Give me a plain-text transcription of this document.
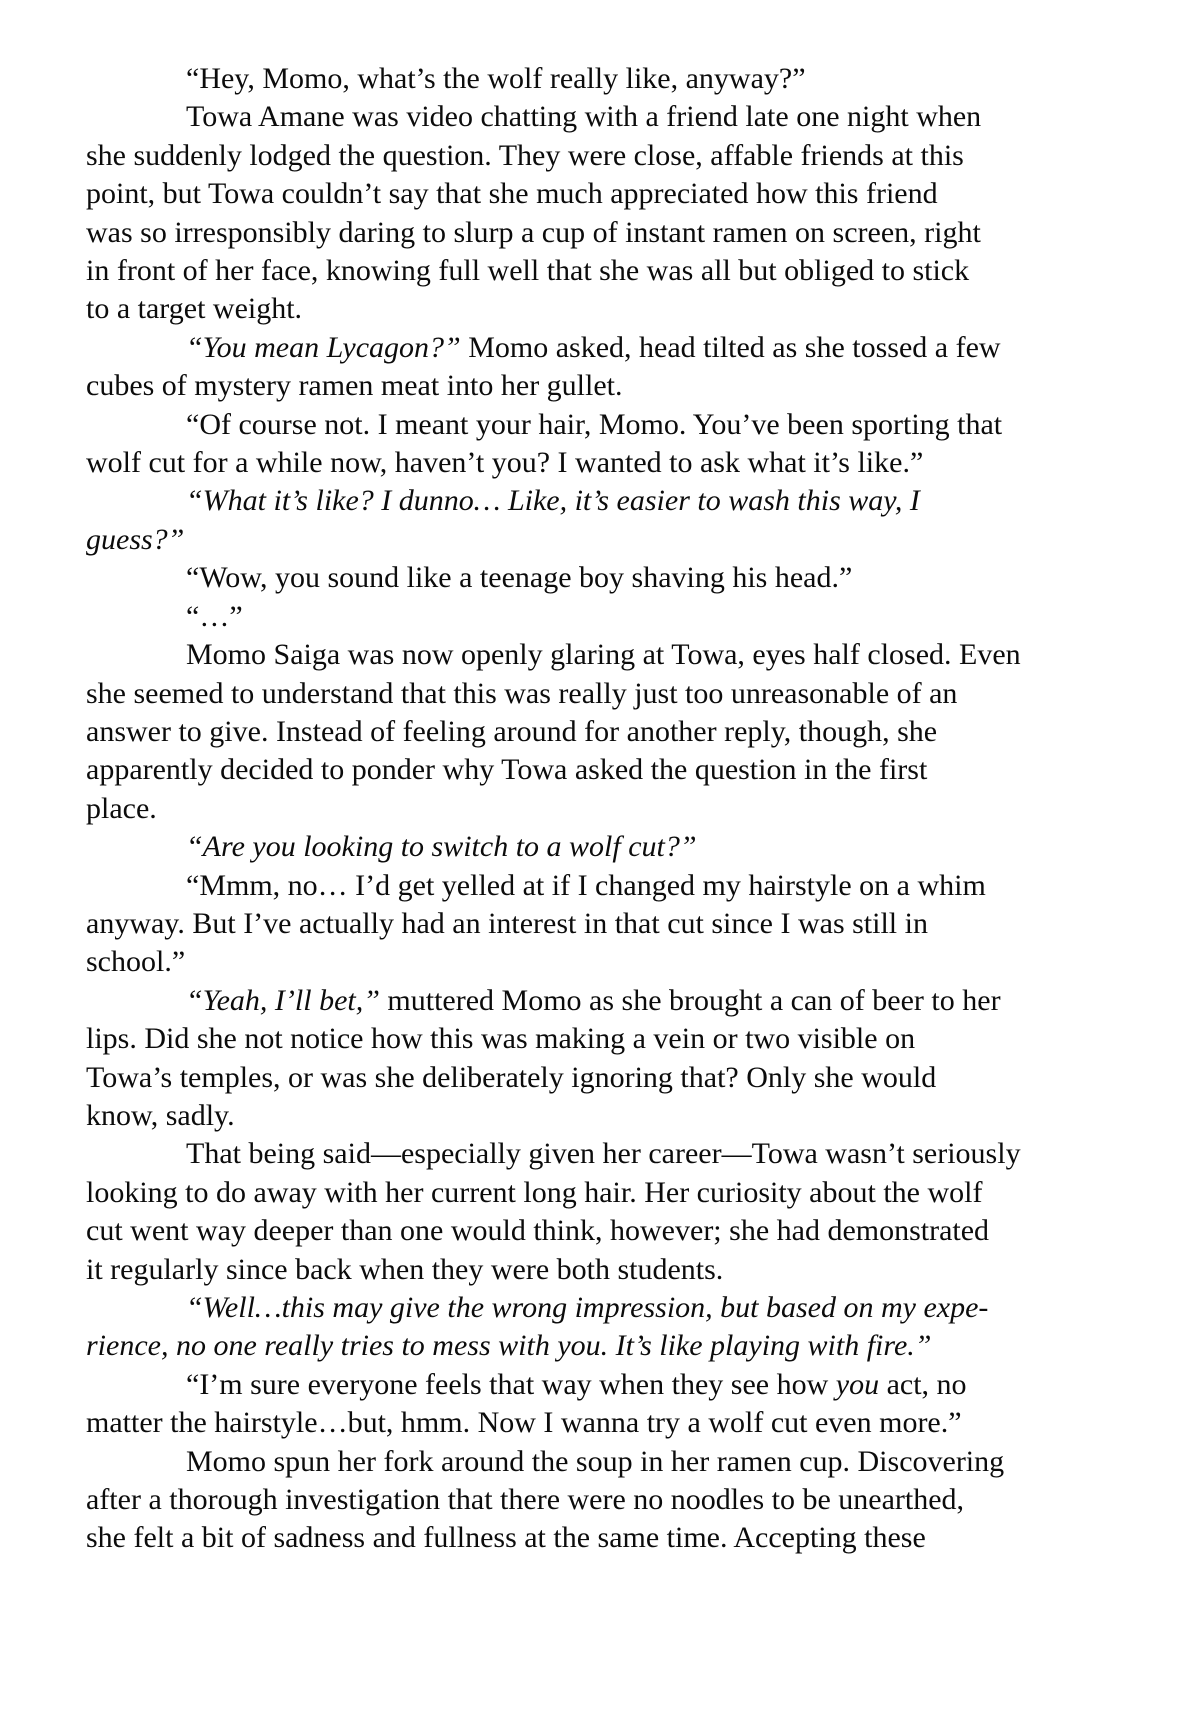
“Hey, Momo, what’s the wolf really like, anyway?”
Towa Amane was video chatting with a friend late one night when
she suddenly lodged the question. They were close, affable friends at this
point, but Towa couldn’t say that she much appreciated how this friend
was so irresponsibly daring to slurp a cup of instant ramen on screen, right
in front of her face, knowing full well that she was all but obliged to stick
to a target weight.
“You mean Lycagon?” Momo asked, head tilted as she tossed a few
cubes of mystery ramen meat into her gullet.
“Of course not. I meant your hair, Momo. You’ve been sporting that
wolf cut for a while now, haven’t you? I wanted to ask what it’s like.”
“What it’s like? I dunno… Like, it’s easier to wash this way, I
guess?”
“Wow, you sound like a teenage boy shaving his head.”
“…”
Momo Saiga was now openly glaring at Towa, eyes half closed. Even
she seemed to understand that this was really just too unreasonable of an
answer to give. Instead of feeling around for another reply, though, she
apparently decided to ponder why Towa asked the question in the first
place.
“Are you looking to switch to a wolf cut?”
“Mmm, no… I’d get yelled at if I changed my hairstyle on a whim
anyway. But I’ve actually had an interest in that cut since I was still in
school.”
“Yeah, I’ll bet,” muttered Momo as she brought a can of beer to her
lips. Did she not notice how this was making a vein or two visible on
Towa’s temples, or was she deliberately ignoring that? Only she would
know, sadly.
That being said—especially given her career—Towa wasn’t seriously
looking to do away with her current long hair. Her curiosity about the wolf
cut went way deeper than one would think, however; she had demonstrated
it regularly since back when they were both students.
“Well…this may give the wrong impression, but based on my expe-
rience, no one really tries to mess with you. It’s like playing with fire.”
“I’m sure everyone feels that way when they see how you act, no
matter the hairstyle…but, hmm. Now I wanna try a wolf cut even more.”
Momo spun her fork around the soup in her ramen cup. Discovering
after a thorough investigation that there were no noodles to be unearthed,
she felt a bit of sadness and fullness at the same time. Accepting these
